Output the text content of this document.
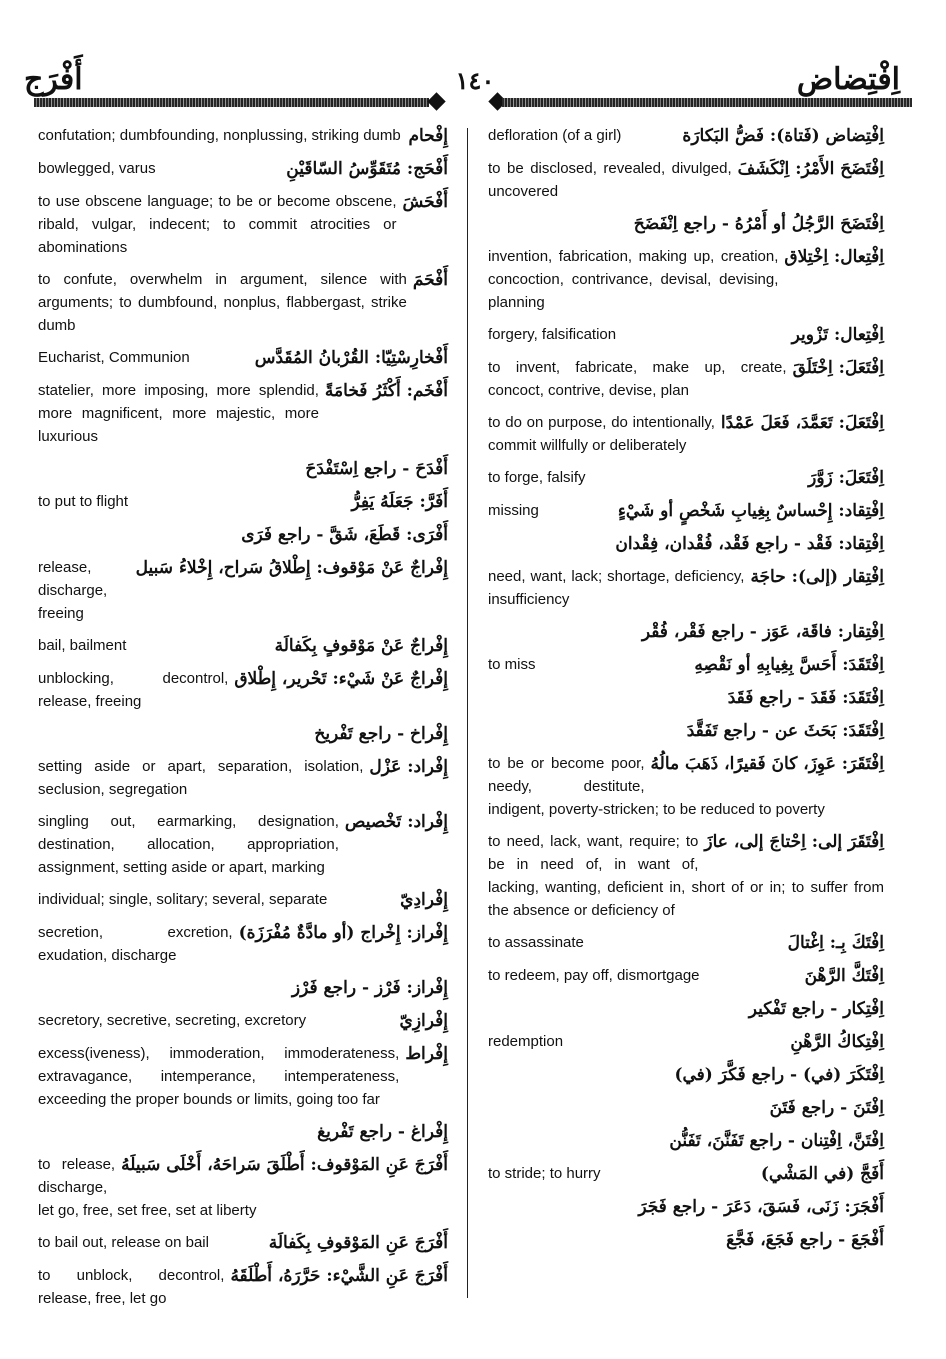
اِفْتِضاض
١٤٠
أَفْرَج
اِفْتِضاض (فَتاة): فَضُّ البَكارَة
defloration (of a girl)
اِفْتَضَحَ الأَمْرُ: اِنْكَشَفَ
to be disclosed, revealed, divulged, uncovered
اِفْتَضَحَ الرَّجُلُ أو أَمْرُهُ - راجع اِنْفَضَحَ
اِفْتِعال: اِخْتِلاق
invention, fabrication, making up, creation, concoction, contrivance, devisal, devising, planning
اِفْتِعال: تَزْوير
forgery, falsification
اِفْتَعَلَ: اِخْتَلَقَ
to invent, fabricate, make up, create, concoct, contrive, devise, plan
اِفْتَعَلَ: تَعَمَّدَ، فَعَلَ عَمْدًا
to do on purpose, do intentionally, commit willfully or deliberately
اِفْتَعَلَ: زَوَّرَ
to forge, falsify
اِفْتِقاد: إِحْساسٌ بِغِيابِ شَخْصٍ أو شَيْءٍ
missing
اِفْتِقاد: فَقْد - راجع فَقْد، فُقْدان، فِقْدان
اِفْتِقار (إلى): حاجَة
need, want, lack; shortage, deficiency, insufficiency
اِفْتِقار: فاقَة، عَوَز - راجع فَقْر، فُقْر
اِفْتَقَدَ: أَحَسَّ بِغِيابِهِ أو نَقْصِهِ
to miss
اِفْتَقَدَ: فَقَدَ - راجع فَقَدَ
اِفْتَقَدَ: بَحَثَ عن - راجع تَفَقَّدَ
اِفْتَقَرَ: عَوِزَ، كانَ فَقيرًا، ذَهَبَ مالُهُ
to be or become poor, needy, destitute, indigent, poverty-stricken; to be reduced to poverty
اِفْتَقَرَ إلى: اِحْتاجَ إلى، عازَ
to need, lack, want, require; to be in need of, in want of, lacking, wanting, deficient in, short of or in; to suffer from the absence or deficiency of
اِفْتَكَ بِـ: اِغْتالَ
to assassinate
اِفْتَكَّ الرَّهْنَ
to redeem, pay off, dismortgage
اِفْتِكار - راجع تَفْكير
اِفْتِكاكُ الرَّهْنِ
redemption
اِفْتَكَرَ (في) - راجع فَكَّرَ (في)
اِفْتَنَ - راجع فَتَنَ
اِفْتَنَّ، اِفْتِنان - راجع تَفَنَّنَ، تَفَنُّن
أَفَجَّ (في المَشْي)
to stride; to hurry
أَفْجَرَ: زَنَى، فَسَقَ، دَعَرَ - راجع فَجَرَ
أَفْجَعَ - راجع فَجَعَ، فَجَّعَ
إِفْحام
confutation; dumbfounding, nonplussing, striking dumb
أَفْحَج: مُتَقَوِّسُ السّاقَيْنِ
bowlegged, varus
أَفْحَشَ
to use obscene language; to be or become obscene, ribald, vulgar, indecent; to commit atrocities or abominations
أَفْحَمَ
to confute, overwhelm in argument, silence with arguments; to dumbfound, nonplus, flabbergast, strike dumb
أَفْخارِسْتِيّا: القُرْبانُ المُقَدَّس
Eucharist, Communion
أَفْخَم: أَكْثَرُ فَخامَةً
statelier, more imposing, more splendid, more magnificent, more majestic, more luxurious
أَفْدَحَ - راجع اِسْتَفْدَحَ
أَفَرَّ: جَعَلَهُ يَفِرُّ
to put to flight
أَفْرَى: قَطَعَ، شَقَّ - راجع فَرَى
إِفْراجٌ عَنْ مَوْقوف: إِطْلاقُ سَراح، إِخْلاءُ سَبيل
release, discharge, freeing
إِفْراجٌ عَنْ مَوْقوفٍ بِكَفالَة
bail, bailment
إِفْراجٌ عَنْ شَيْء: تَحْرير، إِطْلاق
unblocking, decontrol, release, freeing
إِفْراخ - راجع تَفْريخ
إِفْراد: عَزْل
setting aside or apart, separation, isolation, seclusion, segregation
إِفْراد: تَخْصيص
singling out, earmarking, designation, destination, allocation, appropriation, assignment, setting aside or apart, marking
إِفْرادِيّ
individual; single, solitary; several, separate
إِفْراز: إِخْراج (أو مادَّةٌ مُفْرَزَة)
secretion, excretion, exudation, discharge
إِفْراز: فَرْز - راجع فَرْز
إِفْرازِيّ
secretory, secretive, secreting, excretory
إِفْراط
excess(iveness), immoderation, immoderateness, extravagance, intemperance, intemperateness, exceeding the proper bounds or limits, going too far
إِفْراغ - راجع تَفْريغ
أَفْرَجَ عَنِ المَوْقوف: أَطْلَقَ سَراحَهُ، أَخْلَى سَبيلَهُ
to release, discharge, let go, free, set free, set at liberty
أَفْرَجَ عَنِ المَوْقوفِ بِكَفالَة
to bail out, release on bail
أَفْرَجَ عَنِ الشَّيْء: حَرَّرَهُ، أَطْلَقَهُ
to unblock, decontrol, release, free, let go
